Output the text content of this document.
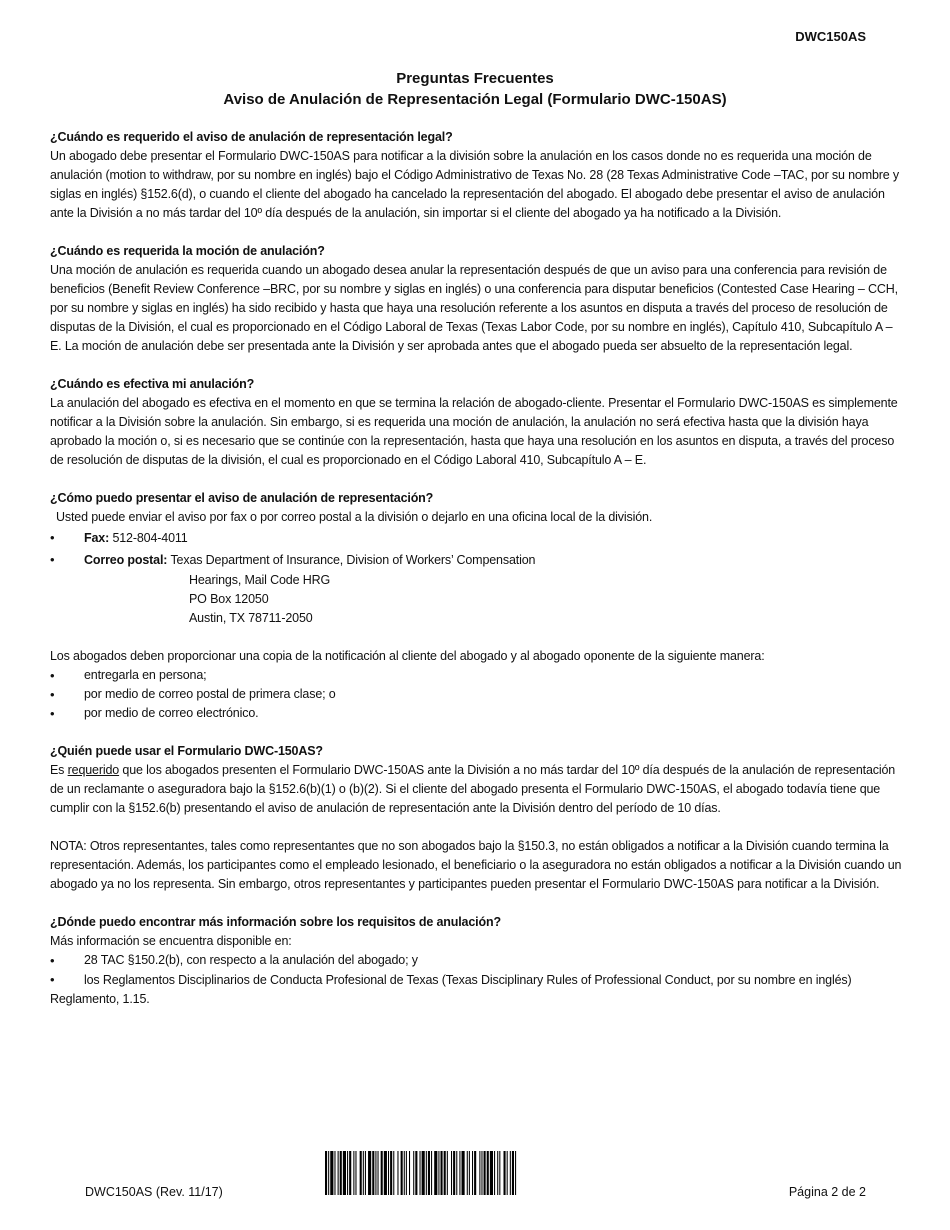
DWC150AS
Preguntas Frecuentes
Aviso de Anulación de Representación Legal (Formulario DWC-150AS)
¿Cuándo es requerido el aviso de anulación de representación legal?

Un abogado debe presentar el Formulario DWC-150AS para notificar a la división sobre la anulación en los casos donde no es requerida una moción de anulación (motion to withdraw, por su nombre en inglés) bajo el Código Administrativo de Texas No. 28 (28 Texas Administrative Code –TAC, por su nombre y siglas en inglés) §152.6(d), o cuando el cliente del abogado ha cancelado la representación del abogado. El abogado debe presentar el aviso de anulación ante la División a no más tardar del 10º día después de la anulación, sin importar si el cliente del abogado ya ha notificado a la División.

¿Cuándo es requerida la moción de anulación?

Una moción de anulación es requerida cuando un abogado desea anular la representación después de que un aviso para una conferencia para revisión de beneficios (Benefit Review Conference –BRC, por su nombre y siglas en inglés) o una conferencia para disputar beneficios (Contested Case Hearing – CCH, por su nombre y siglas en inglés) ha sido recibido y hasta que haya una resolución referente a los asuntos en disputa a través del proceso de resolución de disputas de la División, el cual es proporcionado en el Código Laboral de Texas (Texas Labor Code, por su nombre en inglés), Capítulo 410, Subcapítulo A – E. La moción de anulación debe ser presentada ante la División y ser aprobada antes que el abogado pueda ser absuelto de la representación legal.

¿Cuándo es efectiva mi anulación?

La anulación del abogado es efectiva en el momento en que se termina la relación de abogado-cliente. Presentar el Formulario DWC-150AS es simplemente notificar a la División sobre la anulación. Sin embargo, si es requerida una moción de anulación, la anulación no será efectiva hasta que la división haya aprobado la moción o, si es necesario que se continúe con la representación, hasta que haya una resolución en los asuntos en disputa, a través del proceso de resolución de disputas de la división, el cual es proporcionado en el Código Laboral 410, Subcapítulo A – E.

¿Cómo puedo presentar el aviso de anulación de representación?
Usted puede enviar el aviso por fax o por correo postal a la división o dejarlo en una oficina local de la división.
• Fax: 512-804-4011
• Correo postal: Texas Department of Insurance, Division of Workers’ Compensation
Hearings, Mail Code HRG
PO Box 12050
Austin, TX 78711-2050

Los abogados deben proporcionar una copia de la notificación al cliente del abogado y al abogado oponente de la siguiente manera:

• entregarla en persona;
• por medio de correo postal de primera clase; o
• por medio de correo electrónico.
¿Quién puede usar el Formulario DWC-150AS?

Es requerido que los abogados presenten el Formulario DWC-150AS ante la División a no más tardar del 10º día después de la anulación de representación de un reclamante o aseguradora bajo la §152.6(b)(1) o (b)(2). Si el cliente del abogado presenta el Formulario DWC-150AS, el abogado todavía tiene que cumplir con la §152.6(b) presentando el aviso de anulación de representación ante la División dentro del período de 10 días.

NOTA: Otros representantes, tales como representantes que no son abogados bajo la §150.3, no están obligados a notificar a la División cuando termina la representación. Además, los participantes como el empleado lesionado, el beneficiario o la aseguradora no están obligados a notificar a la División cuando un abogado ya no los representa. Sin embargo, otros representantes y participantes pueden presentar el Formulario DWC-150AS para notificar a la División.

¿Dónde puedo encontrar más información sobre los requisitos de anulación?
Más información se encuentra disponible en:
• 28 TAC §150.2(b), con respecto a la anulación del abogado; y
• los Reglamentos Disciplinarios de Conducta Profesional de Texas (Texas Disciplinary Rules of Professional Conduct, por su nombre en inglés) Reglamento, 1.15.
DWC150AS (Rev. 11/17)	Página 2 de 2
